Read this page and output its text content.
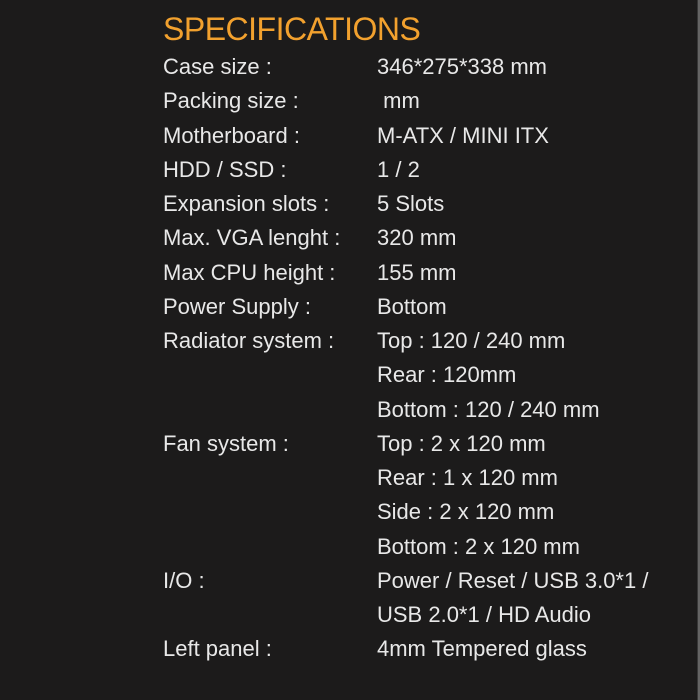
SPECIFICATIONS
Case size :	346*275*338 mm
Packing size :	mm
Motherboard :	M-ATX / MINI ITX
HDD / SSD :	1 / 2
Expansion slots :	5 Slots
Max. VGA lenght :	320 mm
Max CPU height :	155 mm
Power Supply :	Bottom
Radiator system :	Top : 120 / 240 mm
Rear : 120mm
Bottom : 120 / 240 mm
Fan system :	Top : 2 x 120 mm
Rear : 1 x 120 mm
Side : 2 x 120 mm
Bottom : 2 x 120 mm
I/O :	Power / Reset / USB 3.0*1 /
USB 2.0*1 / HD Audio
Left panel :	4mm Tempered glass
